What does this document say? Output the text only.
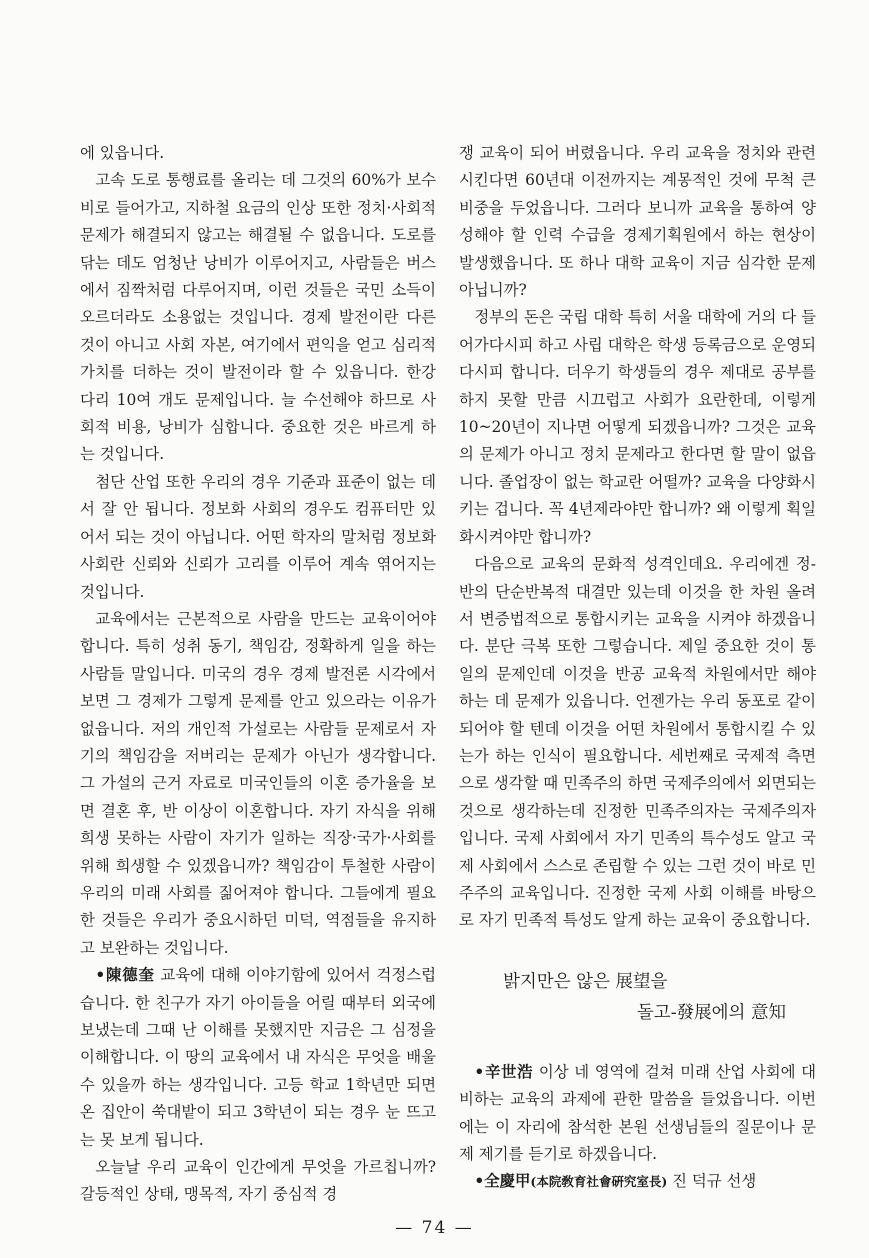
에 있읍니다.

고속 도로 통행료를 올리는 데 그것의 60%가 보수비로 들어가고, 지하철 요금의 인상 또한 정치·사회적 문제가 해결되지 않고는 해결될 수 없읍니다. 도로를 닦는 데도 엄청난 낭비가 이루어지고, 사람들은 버스에서 짐짝처럼 다루어지며, 이런 것들은 국민 소득이 오르더라도 소용없는 것입니다. 경제 발전이란 다른 것이 아니고 사회 자본, 여기에서 편익을 얻고 심리적 가치를 더하는 것이 발전이라 할 수 있읍니다. 한강 다리 10여 개도 문제입니다. 늘 수선해야 하므로 사회적 비용, 낭비가 심합니다. 중요한 것은 바르게 하는 것입니다.

첨단 산업 또한 우리의 경우 기준과 표준이 없는 데서 잘 안 됩니다. 정보화 사회의 경우도 컴퓨터만 있어서 되는 것이 아닙니다. 어떤 학자의 말처럼 정보화 사회란 신뢰와 신뢰가 고리를 이루어 계속 엮어지는 것입니다.

교육에서는 근본적으로 사람을 만드는 교육이어야 합니다. 특히 성취 동기, 책임감, 정확하게 일을 하는 사람들 말입니다. 미국의 경우 경제 발전론 시각에서 보면 그 경제가 그렇게 문제를 안고 있으라는 이유가 없읍니다. 저의 개인적 가설로는 사람들 문제로서 자기의 책임감을 저버리는 문제가 아닌가 생각합니다. 그 가설의 근거 자료로 미국인들의 이혼 증가율을 보면 결혼 후, 반 이상이 이혼합니다. 자기 자식을 위해 희생 못하는 사람이 자기가 일하는 직장·국가·사회를 위해 희생할 수 있겠읍니까? 책임감이 투철한 사람이 우리의 미래 사회를 짊어져야 합니다. 그들에게 필요한 것들은 우리가 중요시하던 미덕, 역점들을 유지하고 보완하는 것입니다.

•陳德奎 교육에 대해 이야기함에 있어서 걱정스럽습니다. 한 친구가 자기 아이들을 어릴 때부터 외국에 보냈는데 그때 난 이해를 못했지만 지금은 그 심정을 이해합니다. 이 땅의 교육에서 내 자식은 무엇을 배울 수 있을까 하는 생각입니다. 고등 학교 1학년만 되면 온 집안이 쑥대밭이 되고 3학년이 되는 경우 눈 뜨고는 못 보게 됩니다.

오늘날 우리 교육이 인간에게 무엇을 가르칩니까? 갈등적인 상태, 맹목적, 자기 중심적 경

쟁 교육이 되어 버렸읍니다. 우리 교육을 정치와 관련시킨다면 60년대 이전까지는 계몽적인 것에 무척 큰 비중을 두었읍니다. 그러다 보니까 교육을 통하여 양성해야 할 인력 수급을 경제기획원에서 하는 현상이 발생했읍니다. 또 하나 대학 교육이 지금 심각한 문제 아닙니까?

정부의 돈은 국립 대학 특히 서울 대학에 거의 다 들어가다시피 하고 사립 대학은 학생 등록금으로 운영되다시피 합니다. 더우기 학생들의 경우 제대로 공부를 하지 못할 만큼 시끄럽고 사회가 요란한데, 이렇게 10~20년이 지나면 어떻게 되겠읍니까? 그것은 교육의 문제가 아니고 정치 문제라고 한다면 할 말이 없읍니다. 졸업장이 없는 학교란 어떨까? 교육을 다양화시키는 겁니다. 꼭 4년제라야만 합니까? 왜 이렇게 획일화시켜야만 합니까?

다음으로 교육의 문화적 성격인데요. 우리에겐 정-반의 단순반복적 대결만 있는데 이것을 한 차원 올려서 변증법적으로 통합시키는 교육을 시켜야 하겠읍니다. 분단 극복 또한 그렇습니다. 제일 중요한 것이 통일의 문제인데 이것을 반공 교육적 차원에서만 해야 하는 데 문제가 있읍니다. 언젠가는 우리 동포로 같이 되어야 할 텐데 이것을 어떤 차원에서 통합시킬 수 있는가 하는 인식이 필요합니다. 세번째로 국제적 측면으로 생각할 때 민족주의 하면 국제주의에서 외면되는 것으로 생각하는데 진정한 민족주의자는 국제주의자입니다. 국제 사회에서 자기 민족의 특수성도 알고 국제 사회에서 스스로 존립할 수 있는 그런 것이 바로 민주주의 교육입니다. 진정한 국제 사회 이해를 바탕으로 자기 민족적 특성도 알게 하는 교육이 중요합니다.

밝지만은 않은 展望을
돌고-發展에의 意知

•辛世浩 이상 네 영역에 걸쳐 미래 산업 사회에 대비하는 교육의 과제에 관한 말씀을 들었읍니다. 이번에는 이 자리에 참석한 본원 선생님들의 질문이나 문제 제기를 듣기로 하겠읍니다.

•全慶甲(本院敎育社會硏究室長) 진 덕규 선생

— 74 —
